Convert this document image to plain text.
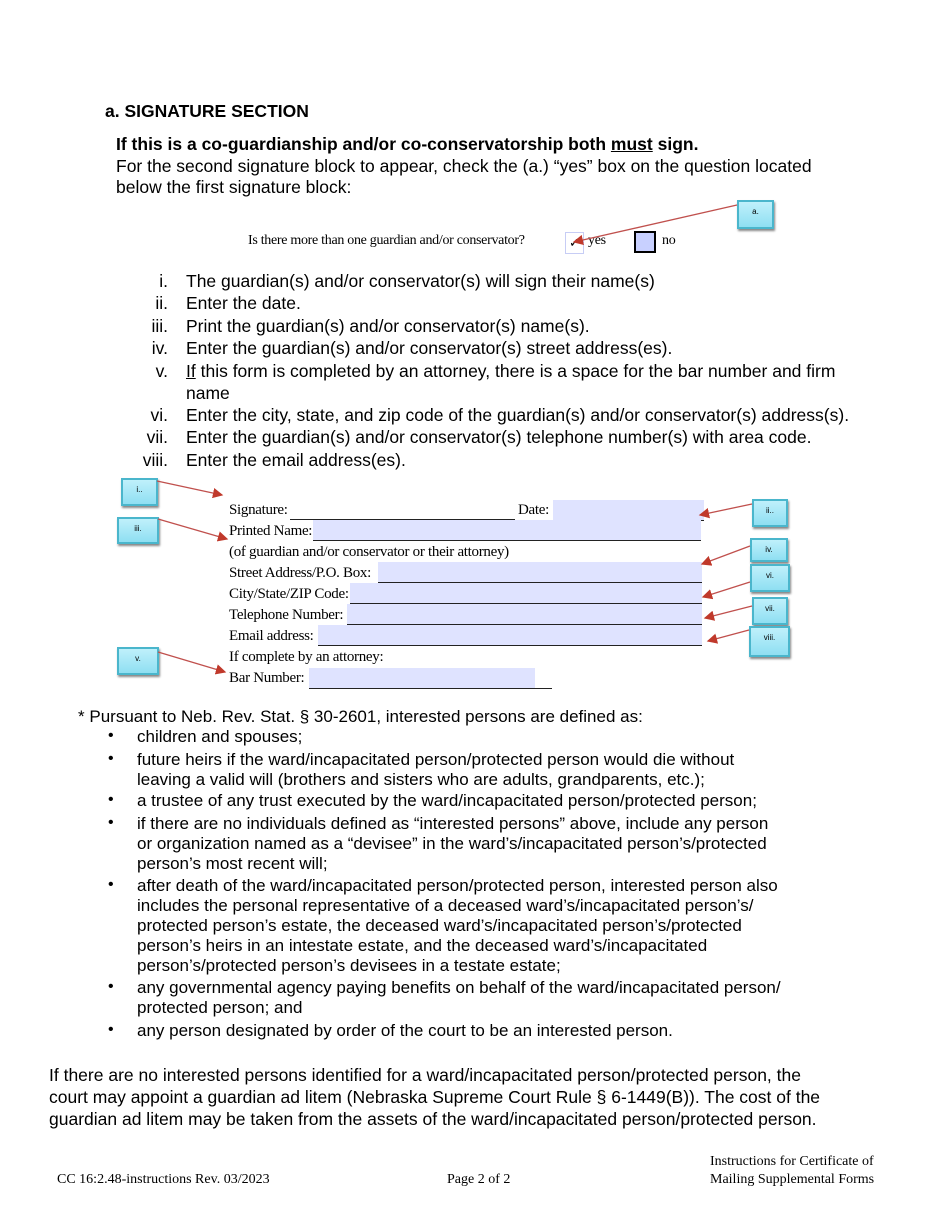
a. SIGNATURE SECTION
If this is a co-guardianship and/or co-conservatorship both must sign.
For the second signature block to appear, check the (a.) “yes” box on the question located
below the first signature block:
Is there more than one guardian and/or conservator?	✓ yes	no
a.
i. The guardian(s) and/or conservator(s) will sign their name(s)
ii. Enter the date.
iii. Print the guardian(s) and/or conservator(s) name(s).
iv. Enter the guardian(s) and/or conservator(s) street address(es).
v. If this form is completed by an attorney, there is a space for the bar number and firm
name
vi. Enter the city, state, and zip code of the guardian(s) and/or conservator(s) address(s).
vii. Enter the guardian(s) and/or conservator(s) telephone number(s) with area code.
viii. Enter the email address(es).
Signature:	Date:
Printed Name:
(of guardian and/or conservator or their attorney)
Street Address/P.O. Box:
City/State/ZIP Code:
Telephone Number:
Email address:
If complete by an attorney:
Bar Number:
i..
iii.
v.
ii..
iv.
vi.
vii.
viii.
* Pursuant to Neb. Rev. Stat. § 30-2601, interested persons are defined as:
• children and spouses;
• future heirs if the ward/incapacitated person/protected person would die without
leaving a valid will (brothers and sisters who are adults, grandparents, etc.);
• a trustee of any trust executed by the ward/incapacitated person/protected person;
• if there are no individuals defined as “interested persons” above, include any person
or organization named as a “devisee” in the ward’s/incapacitated person’s/protected
person’s most recent will;
• after death of the ward/incapacitated person/protected person, interested person also
includes the personal representative of a deceased ward’s/incapacitated person’s/
protected person’s estate, the deceased ward’s/incapacitated person’s/protected
person’s heirs in an intestate estate, and the deceased ward’s/incapacitated
person’s/protected person’s devisees in a testate estate;
• any governmental agency paying benefits on behalf of the ward/incapacitated person/
protected person; and
• any person designated by order of the court to be an interested person.
If there are no interested persons identified for a ward/incapacitated person/protected person, the
court may appoint a guardian ad litem (Nebraska Supreme Court Rule § 6-1449(B)). The cost of the
guardian ad litem may be taken from the assets of the ward/incapacitated person/protected person.
CC 16:2.48-instructions Rev. 03/2023	Page 2 of 2
Instructions for Certificate of
Mailing Supplemental Forms
